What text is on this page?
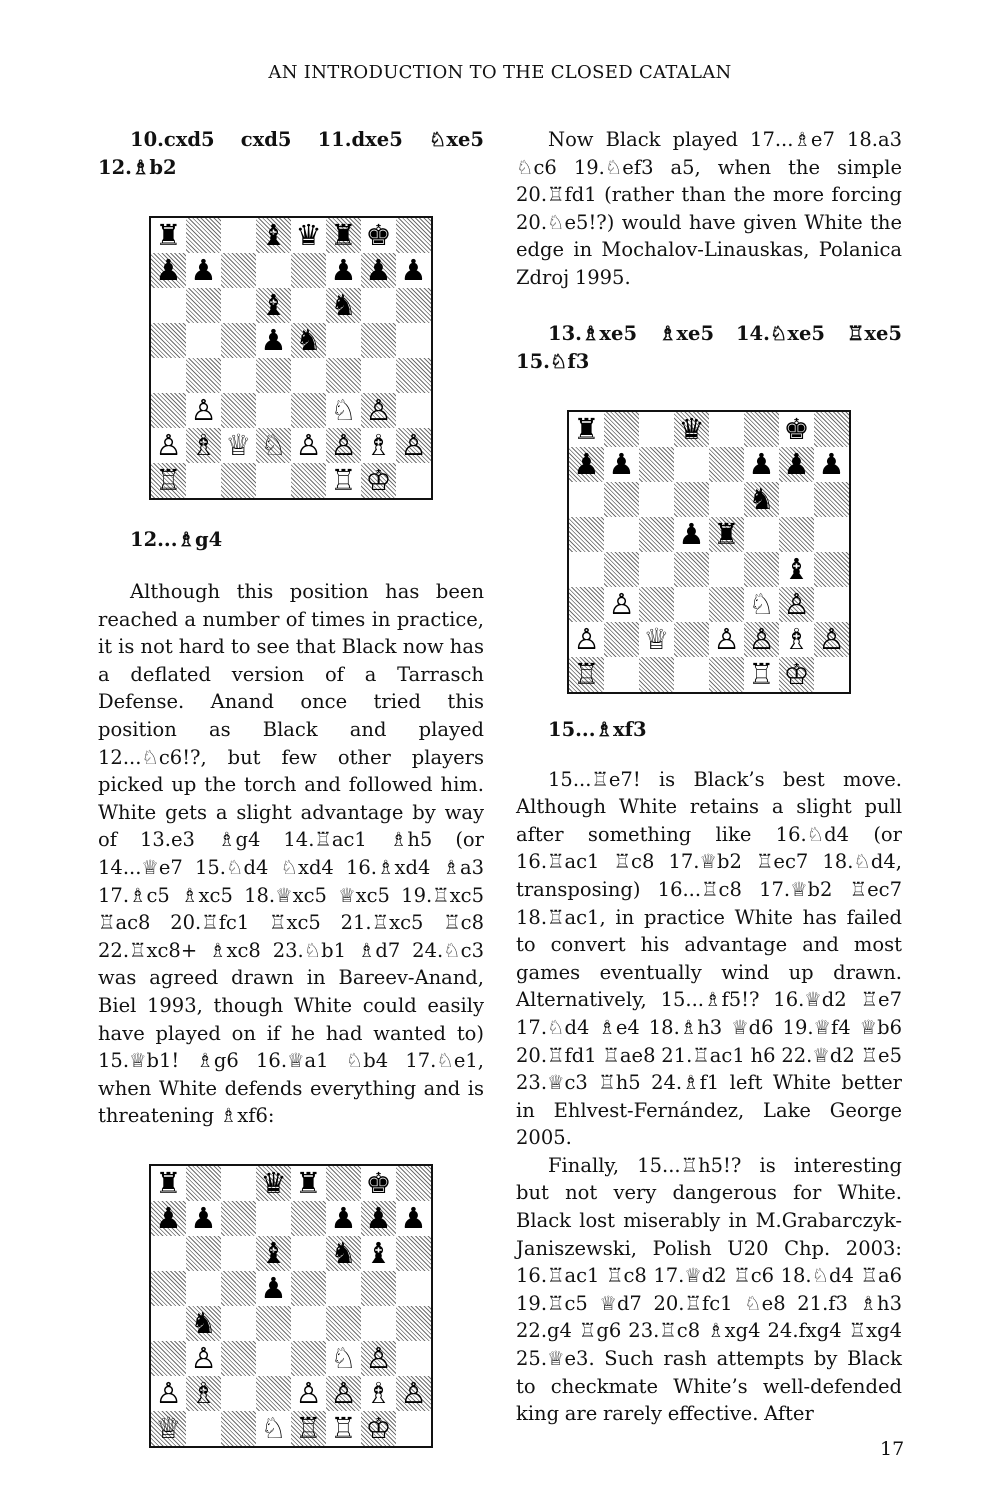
AN INTRODUCTION TO THE CLOSED CATALAN

10.cxd5 cxd5 11.dxe5 ♘xe5

12.♗b2

♜	♝ ♛ ♜ ♚
♟ ♟	♟ ♟ ♟
♝ ♞
♟ ♞
♙	♘ ♙
♙ ♗ ♕ ♘ ♙ ♙ ♗ ♙
♖	♖ ♔

12...♗g4

Although this position has been reached a number of times in practice, it is not hard to see that Black now has a deflated version of a Tarrasch Defense. Anand once tried this position as Black and played 12...♘c6!?, but few other players picked up the torch and followed him. White gets a slight advantage by way of 13.e3 ♗g4 14.♖ac1 ♗h5 (or 14...♕e7 15.♘d4 ♘xd4 16.♗xd4 ♗a3 17.♗c5 ♗xc5 18.♕xc5 ♕xc5 19.♖xc5 ♖ac8 20.♖fc1 ♖xc5 21.♖xc5 ♖c8 22.♖xc8+ ♗xc8 23.♘b1 ♗d7 24.♘c3 was agreed drawn in Bareev-Anand, Biel 1993, though White could easily have played on if he had wanted to) 15.♕b1! ♗g6 16.♕a1 ♘b4 17.♘e1, when White defends everything and is threatening ♗xf6:

♜	♛ ♜ ♚
♟ ♟	♟ ♟ ♟
♝ ♞ ♝
♟
♞
♙	♘ ♙
♙ ♗	♙ ♙ ♗ ♙
♕	♘ ♖ ♖ ♔

Now Black played 17...♗e7 18.a3 ♘c6 19.♘ef3 a5, when the simple 20.♖fd1 (rather than the more forcing 20.♘e5!?) would have given White the edge in Mochalov-Linauskas, Polanica Zdroj 1995.

13.♗xe5 ♗xe5 14.♘xe5 ♖xe5

15.♘f3

♜	♛	♚
♟ ♟	♟ ♟ ♟
♞
♟ ♜
♝
♙	♘ ♙
♙ ♕ ♙ ♙ ♗ ♙
♖	♖ ♔

15...♗xf3

15...♖e7! is Black’s best move. Although White retains a slight pull after something like 16.♘d4 (or 16.♖ac1 ♖c8 17.♕b2 ♖ec7 18.♘d4, transposing) 16...♖c8 17.♕b2 ♖ec7 18.♖ac1, in practice White has failed to convert his advantage and most games eventually wind up drawn. Alternatively, 15...♗f5!? 16.♕d2 ♖e7 17.♘d4 ♗e4 18.♗h3 ♕d6 19.♕f4 ♕b6 20.♖fd1 ♖ae8 21.♖ac1 h6 22.♕d2 ♖e5 23.♕c3 ♖h5 24.♗f1 left White better in Ehlvest-Fernández, Lake George 2005.

Finally, 15...♖h5!? is interesting but not very dangerous for White. Black lost miserably in M.Grabarczyk-Janiszewski, Polish U20 Chp. 2003: 16.♖ac1 ♖c8 17.♕d2 ♖c6 18.♘d4 ♖a6 19.♖c5 ♕d7 20.♖fc1 ♘e8 21.f3 ♗h3 22.g4 ♖g6 23.♖c8 ♗xg4 24.fxg4 ♖xg4 25.♕e3. Such rash attempts by Black to checkmate White’s well-defended king are rarely effective. After

17
